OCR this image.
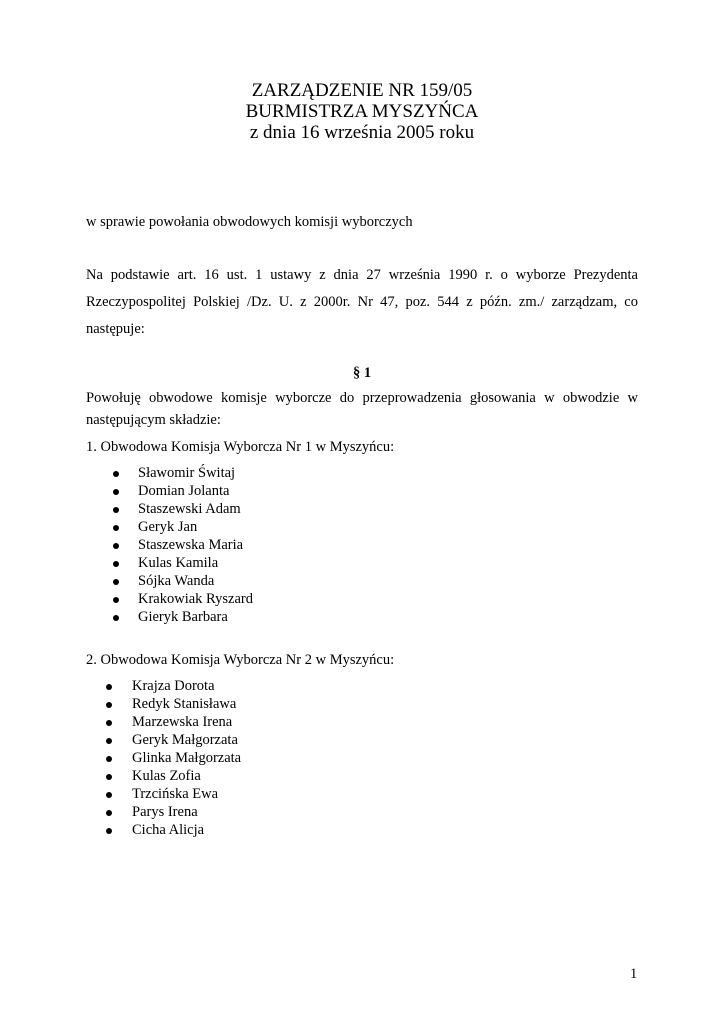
ZARZĄDZENIE NR 159/05
BURMISTRZA MYSZYŃCA
z dnia 16 września 2005 roku
w sprawie powołania obwodowych komisji wyborczych
Na podstawie art. 16 ust. 1 ustawy z dnia 27 września 1990 r. o wyborze Prezydenta
Rzeczypospolitej Polskiej /Dz. U. z 2000r. Nr 47, poz. 544 z późn. zm./ zarządzam, co
następuje:
§ 1
Powołuję obwodowe komisje wyborcze do przeprowadzenia głosowania w obwodzie w
następującym składzie:
1. Obwodowa Komisja Wyborcza Nr 1 w Myszyńcu:
Sławomir Świtaj
Domian Jolanta
Staszewski Adam
Geryk Jan
Staszewska Maria
Kulas Kamila
Sójka Wanda
Krakowiak Ryszard
Gieryk Barbara
2. Obwodowa Komisja Wyborcza Nr 2 w Myszyńcu:
Krajza Dorota
Redyk Stanisława
Marzewska Irena
Geryk Małgorzata
Glinka Małgorzata
Kulas Zofia
Trzcińska Ewa
Parys Irena
Cicha Alicja
1
